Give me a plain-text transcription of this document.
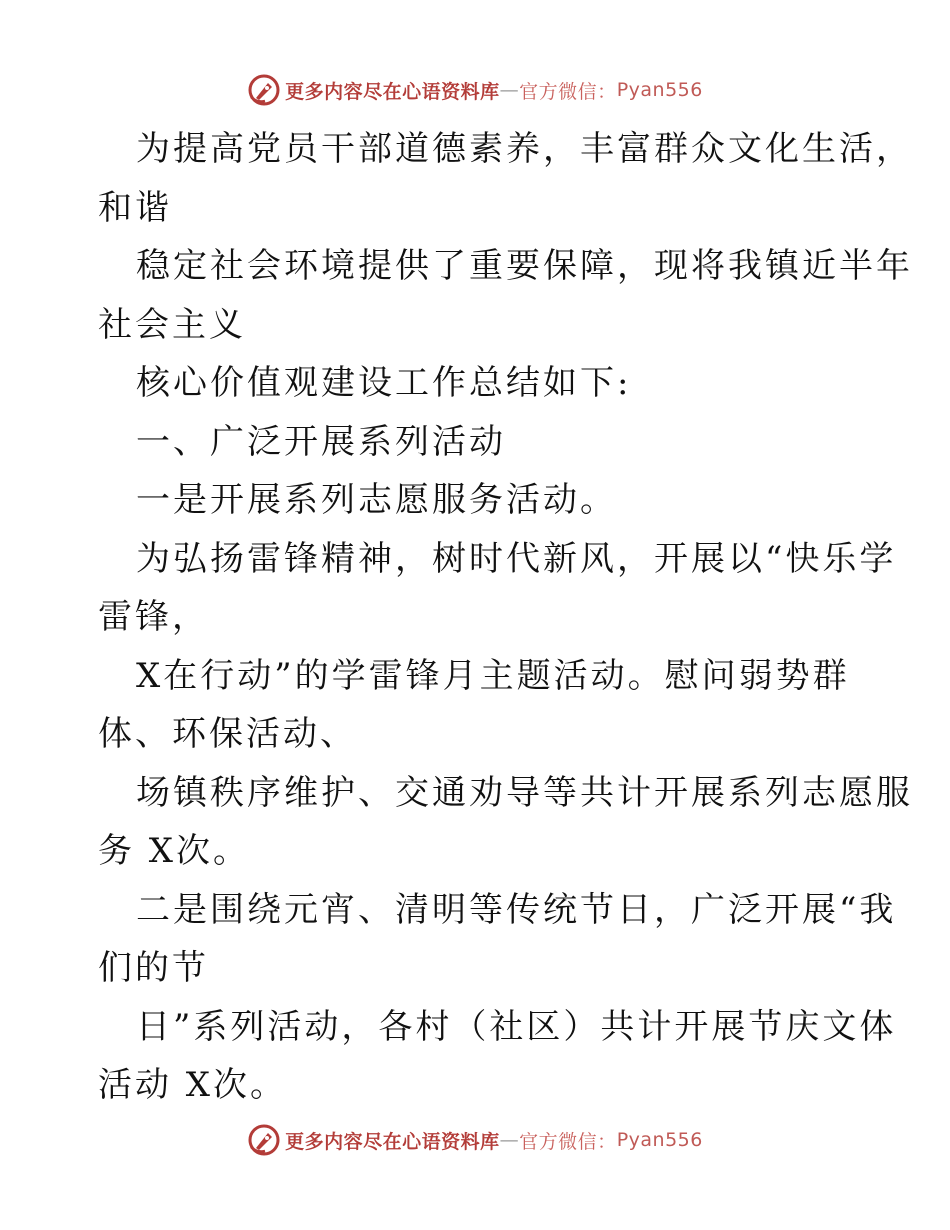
更多内容尽在心语资料库 — 官方微信： Pyan556
为提高党员干部道德素养，丰富群众文化生活，
和谐
稳定社会环境提供了重要保障，现将我镇近半年
社会主义
核心价值观建设工作总结如下:
一、广泛开展系列活动
一是开展系列志愿服务活动。
为弘扬雷锋精神，树时代新风，开展以“快乐学
雷锋，
X在行动”的学雷锋月主题活动。慰问弱势群
体、环保活动、
场镇秩序维护、交通劝导等共计开展系列志愿服
务 X次。
二是围绕元宵、清明等传统节日，广泛开展“我
们的节
日”系列活动，各村（社区）共计开展节庆文体
活动 X次。
更多内容尽在心语资料库 — 官方微信： Pyan556
